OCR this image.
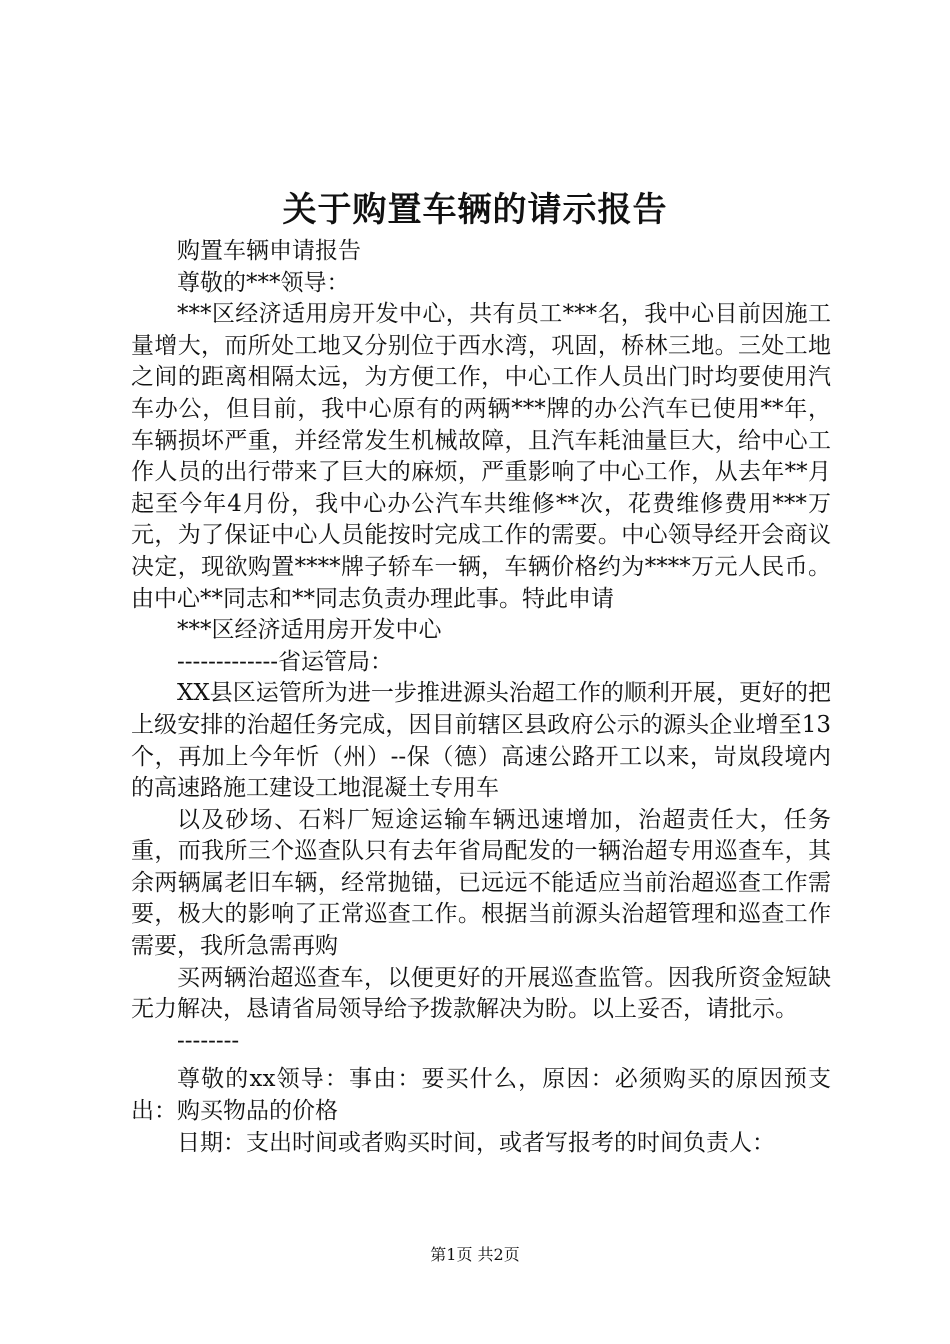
关于购置车辆的请示报告

购置车辆申请报告

尊敬的***领导：

***区经济适用房开发中心，共有员工***名，我中心目前因施工量增大，而所处工地又分别位于西水湾，巩固，桥林三地。三处工地之间的距离相隔太远，为方便工作，中心工作人员出门时均要使用汽车办公，但目前，我中心原有的两辆***牌的办公汽车已使用**年，车辆损坏严重，并经常发生机械故障，且汽车耗油量巨大，给中心工作人员的出行带来了巨大的麻烦，严重影响了中心工作，从去年**月起至今年4月份，我中心办公汽车共维修**次，花费维修费用***万元，为了保证中心人员能按时完成工作的需要。中心领导经开会商议决定，现欲购置****牌子轿车一辆，车辆价格约为****万元人民币。由中心**同志和**同志负责办理此事。特此申请

***区经济适用房开发中心

-------------省运管局：

XX县区运管所为进一步推进源头治超工作的顺利开展，更好的把上级安排的治超任务完成，因目前辖区县政府公示的源头企业增至13个，再加上今年忻（州）--保（德）高速公路开工以来，岢岚段境内的高速路施工建设工地混凝土专用车

以及砂场、石料厂短途运输车辆迅速增加，治超责任大，任务重，而我所三个巡查队只有去年省局配发的一辆治超专用巡查车，其余两辆属老旧车辆，经常抛锚，已远远不能适应当前治超巡查工作需要，极大的影响了正常巡查工作。根据当前源头治超管理和巡查工作需要，我所急需再购

买两辆治超巡查车，以便更好的开展巡查监管。因我所资金短缺无力解决，恳请省局领导给予拨款解决为盼。以上妥否，请批示。

--------

尊敬的xx领导：事由：要买什么，原因：必须购买的原因预支出：购买物品的价格

日期：支出时间或者购买时间，或者写报考的时间负责人：

第1页 共2页
